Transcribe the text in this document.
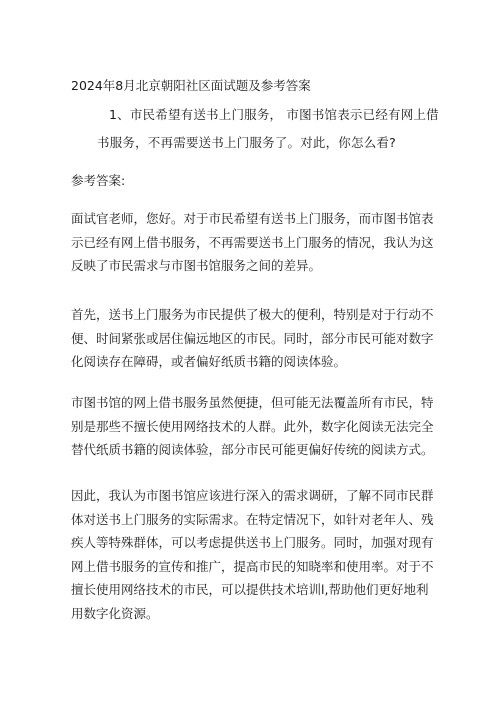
2024年8月北京朝阳社区面试题及参考答案
1、市民希望有送书上门服务， 市图书馆表示已经有网上借
书服务，不再需要送书上门服务了。对此，你怎么看?
参考答案:
面试官老师，您好。对于市民希望有送书上门服务，而市图书馆表
示已经有网上借书服务，不再需要送书上门服务的情况，我认为这
反映了市民需求与市图书馆服务之间的差异。
首先，送书上门服务为市民提供了极大的便利，特别是对于行动不
便、时间紧张或居住偏远地区的市民。同时，部分市民可能对数字
化阅读存在障碍，或者偏好纸质书籍的阅读体验。
市图书馆的网上借书服务虽然便捷，但可能无法覆盖所有市民，特
别是那些不擅长使用网络技术的人群。此外，数字化阅读无法完全
替代纸质书籍的阅读体验，部分市民可能更偏好传统的阅读方式。
因此，我认为市图书馆应该进行深入的需求调研，了解不同市民群
体对送书上门服务的实际需求。在特定情况下，如针对老年人、残
疾人等特殊群体，可以考虑提供送书上门服务。同时，加强对现有
网上借书服务的宣传和推广，提高市民的知晓率和使用率。对于不
擅长使用网络技术的市民，可以提供技术培训l,帮助他们更好地利
用数字化资源。
